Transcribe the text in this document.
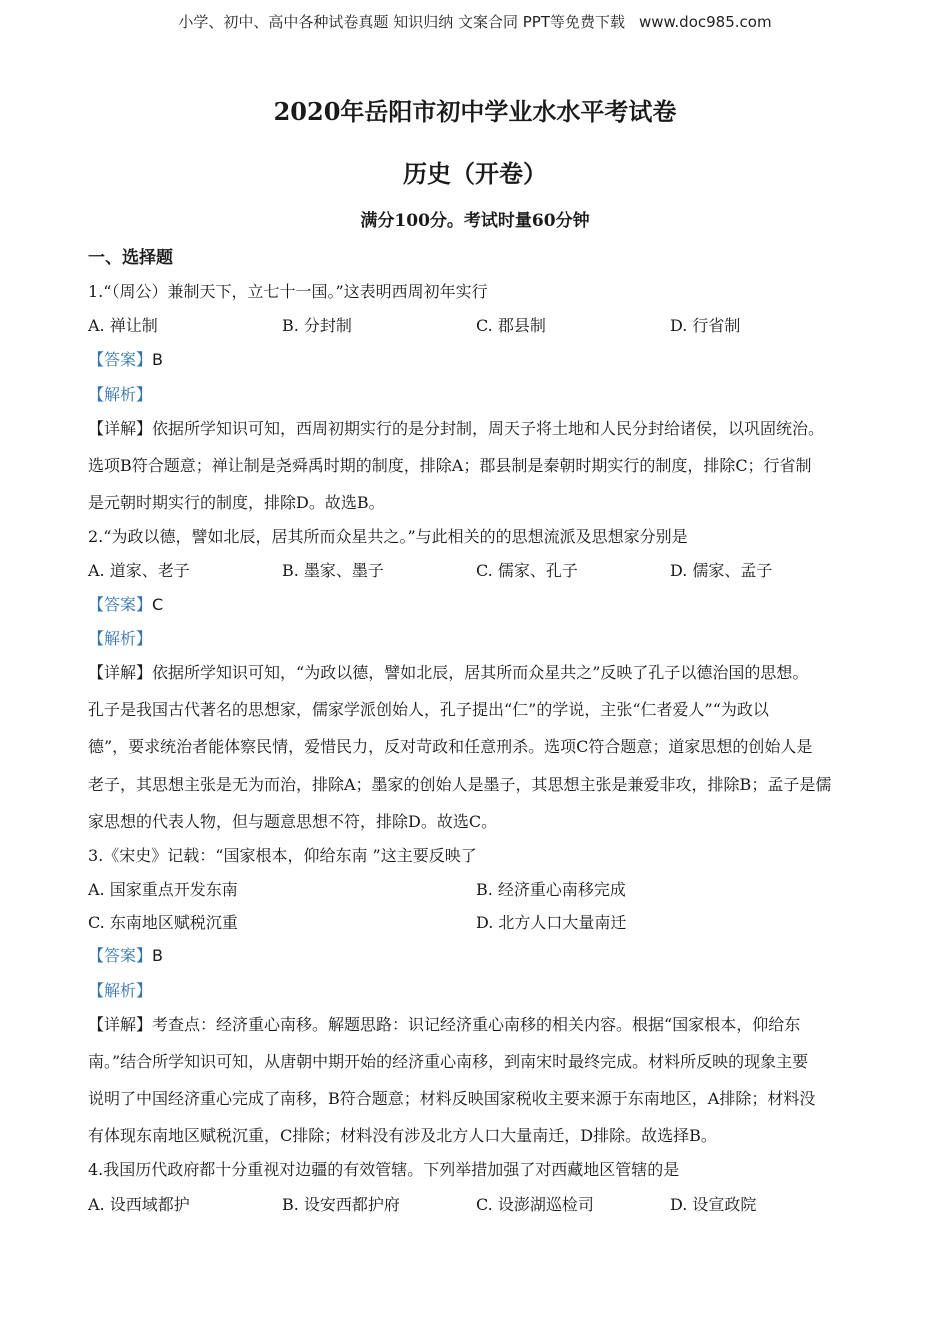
小学、初中、高中各种试卷真题 知识归纳 文案合同 PPT等免费下载 www.doc985.com
2020年岳阳市初中学业水水平考试卷
历史（开卷）
满分100分。考试时量60分钟
一、选择题
1.“（周公）兼制天下，立七十一国。”这表明西周初年实行
A. 禅让制	B. 分封制	C. 郡县制	D. 行省制
【答案】B
【解析】
【详解】依据所学知识可知，西周初期实行的是分封制，周天子将土地和人民分封给诸侯，以巩固统治。
选项B符合题意；禅让制是尧舜禹时期的制度，排除A；郡县制是秦朝时期实行的制度，排除C；行省制
是元朝时期实行的制度，排除D。故选B。
2.“为政以德，譬如北辰，居其所而众星共之。”与此相关的的思想流派及思想家分别是
A. 道家、老子	B. 墨家、墨子	C. 儒家、孔子	D. 儒家、孟子
【答案】C
【解析】
【详解】依据所学知识可知，“为政以德，譬如北辰，居其所而众星共之”反映了孔子以德治国的思想。
孔子是我国古代著名的思想家，儒家学派创始人，孔子提出“仁”的学说，主张“仁者爱人”“为政以
德”，要求统治者能体察民情，爱惜民力，反对苛政和任意刑杀。选项C符合题意；道家思想的创始人是
老子，其思想主张是无为而治，排除A；墨家的创始人是墨子，其思想主张是兼爱非攻，排除B；孟子是儒
家思想的代表人物，但与题意思想不符，排除D。故选C。
3.《宋史》记载：“国家根本，仰给东南 ”这主要反映了
A. 国家重点开发东南	B. 经济重心南移完成
C. 东南地区赋税沉重	D. 北方人口大量南迁
【答案】B
【解析】
【详解】考查点：经济重心南移。解题思路：识记经济重心南移的相关内容。根据“国家根本，仰给东
南。”结合所学知识可知，从唐朝中期开始的经济重心南移，到南宋时最终完成。材料所反映的现象主要
说明了中国经济重心完成了南移，B符合题意；材料反映国家税收主要来源于东南地区，A排除；材料没
有体现东南地区赋税沉重，C排除；材料没有涉及北方人口大量南迁，D排除。故选择B。
4.我国历代政府都十分重视对边疆的有效管辖。下列举措加强了对西藏地区管辖的是
A. 设西域都护	B. 设安西都护府	C. 设澎湖巡检司	D. 设宣政院
